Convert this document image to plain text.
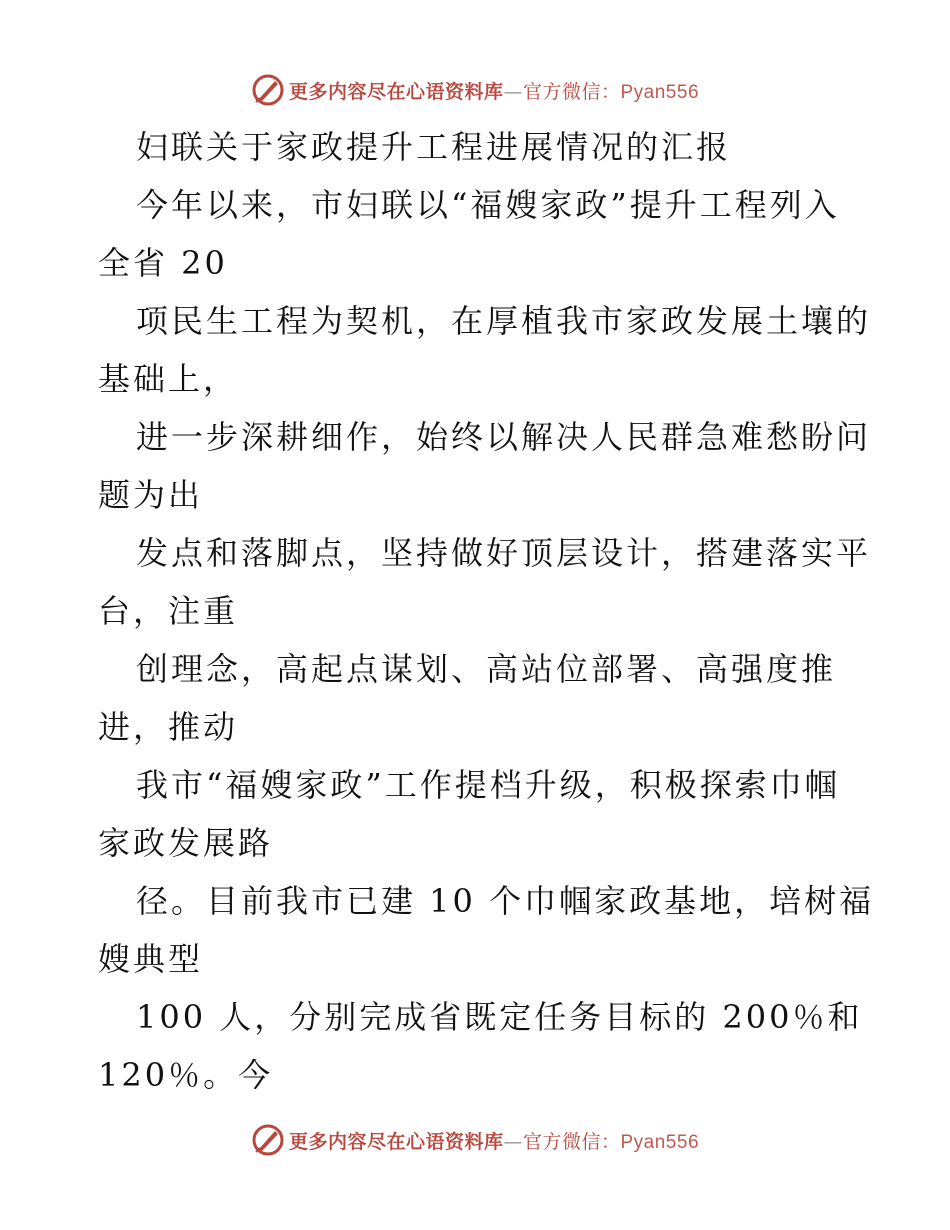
更多内容尽在心语资料库—官方微信：Pyan556
妇联关于家政提升工程进展情况的汇报
今年以来，市妇联以“福嫂家政”提升工程列入
全省 20
项民生工程为契机，在厚植我市家政发展土壤的
基础上，
进一步深耕细作，始终以解决人民群急难愁盼问
题为出
发点和落脚点，坚持做好顶层设计，搭建落实平
台，注重
创理念，高起点谋划、高站位部署、高强度推
进，推动
我市“福嫂家政”工作提档升级，积极探索巾帼
家政发展路
径。目前我市已建 10 个巾帼家政基地，培树福
嫂典型
100 人，分别完成省既定任务目标的 200％和
120％。今
更多内容尽在心语资料库—官方微信：Pyan556
